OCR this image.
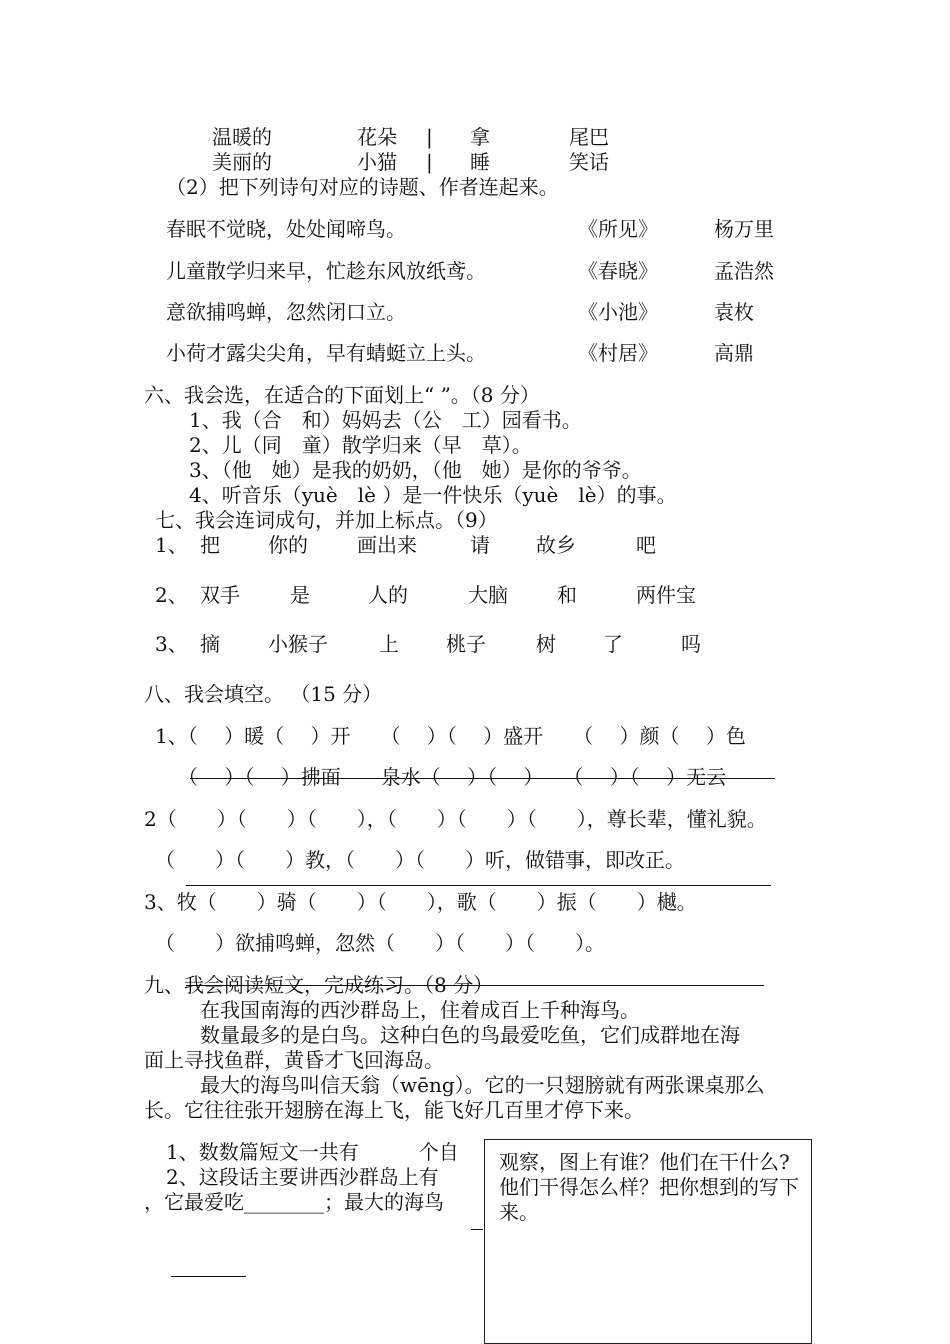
温暖的	花朵 | 拿	尾巴
美丽的	小猫 | 睡	笑话
（2）把下列诗句对应的诗题、作者连起来。
春眠不觉晓，处处闻啼鸟。	《所见》	杨万里
儿童散学归来早，忙趁东风放纸鸢。	《春晓》	孟浩然
意欲捕鸣蝉，忽然闭口立。	《小池》	袁枚
小荷才露尖尖角，早有蜻蜓立上头。	《村居》	高鼎
六、我会选，在适合的下面划上“ ”。（8 分）
1、我（合　和）妈妈去（公　工）园看书。
2、儿（同　童）散学归来（早　草）。
3、（他　她）是我的奶奶，（他　她）是你的爷爷。
4、听音乐（yuè　lè ）是一件快乐（yuè　lè）的事。
七、我会连词成句，并加上标点。（9）
1、 把 你的 画出来	请 故乡	吧
2、 双手	是	人的	大脑 和	两件宝
3、 摘 小猴子	上 桃子	树 了	吗
八、我会填空。 （15 分）
1、（　 ）暖（　 ）开　　（　 ）（　 ）盛开　　（　 ）颜（　 ）色
（　 ）（　 ）拂面　　泉水（　 ）（　 ）　　（　 ）（　 ）无云
2（　　）（　　）（　　），（　　）（　　）（　　），尊长辈，懂礼貌。
（　　）（　　）教，（　　）（　　）听，做错事，即改正。
3、牧（　　）骑（　　）（　　），歌（　　）振（　　）樾。
（　　）欲捕鸣蝉，忽然（　　）（　　）（　　）。
九、我会阅读短文，完成练习。（8 分）
在我国南海的西沙群岛上，住着成百上千种海鸟。
数量最多的是白鸟。这种白色的鸟最爱吃鱼，它们成群地在海
面上寻找鱼群，黄昏才飞回海岛。
最大的海鸟叫信天翁（wēng）。它的一只翅膀就有两张课桌那么
长。它往往张开翅膀在海上飞，能飞好几百里才停下来。
1、数数篇短文一共有　　　个自
2、这段话主要讲西沙群岛上有
，它最爱吃________；最大的海鸟
观察，图上有谁？他们在干什么?他们干得怎么样？把你想到的写下来。
